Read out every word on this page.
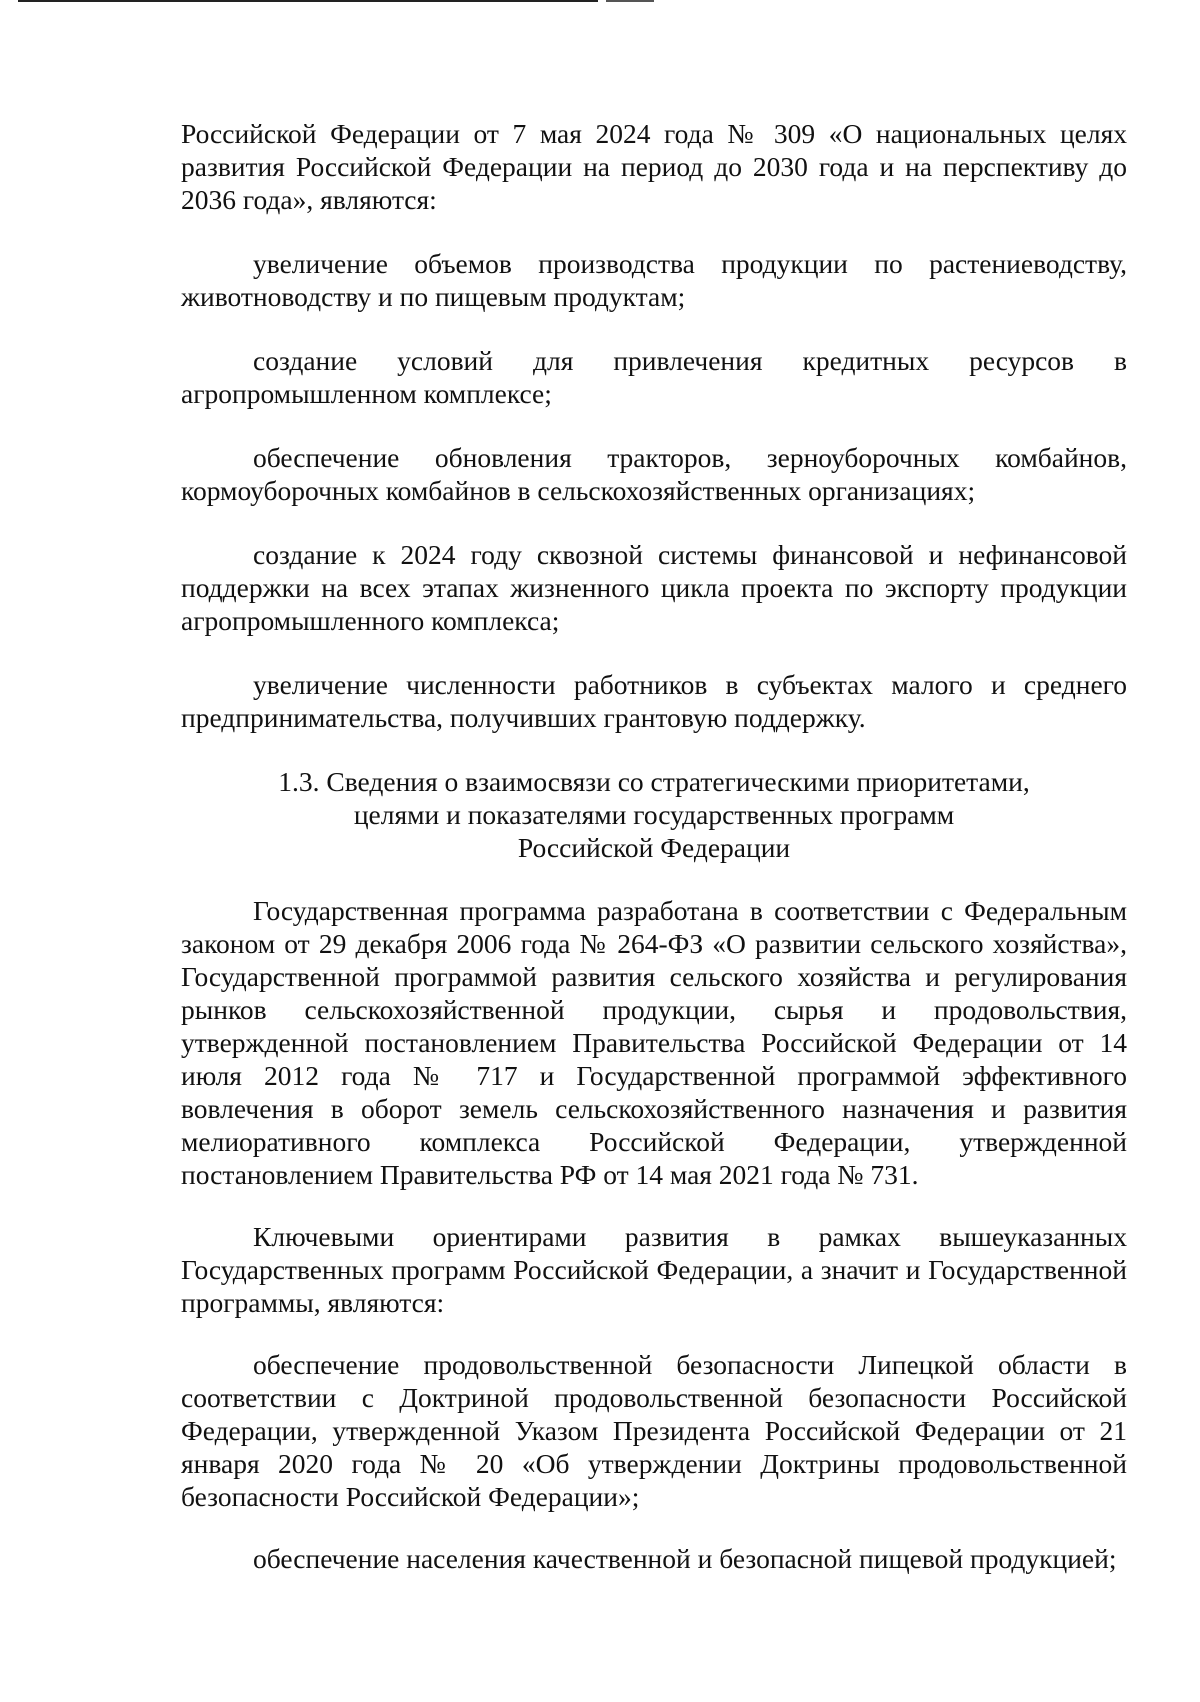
Российской Федерации от 7 мая 2024 года № 309 «О национальных целях
развития Российской Федерации на период до 2030 года и на перспективу до
2036 года», являются:

увеличение объемов производства продукции по растениеводству, животноводству и по пищевым продуктам;

создание условий для привлечения кредитных ресурсов в агропромышленном комплексе;

обеспечение обновления тракторов, зерноуборочных комбайнов, кормоуборочных комбайнов в сельскохозяйственных организациях;

создание к 2024 году сквозной системы финансовой и нефинансовой поддержки на всех этапах жизненного цикла проекта по экспорту продукции агропромышленного комплекса;

увеличение численности работников в субъектах малого и среднего предпринимательства, получивших грантовую поддержку.

1.3. Сведения о взаимосвязи со стратегическими приоритетами,
целями и показателями государственных программ
Российской Федерации

Государственная программа разработана в соответствии с Федеральным законом от 29 декабря 2006 года № 264-ФЗ «О развитии сельского хозяйства», Государственной программой развития сельского хозяйства и регулирования рынков сельскохозяйственной продукции, сырья и продовольствия, утвержденной постановлением Правительства Российской Федерации от 14 июля 2012 года № 717 и Государственной программой эффективного вовлечения в оборот земель сельскохозяйственного назначения и развития мелиоративного комплекса Российской Федерации, утвержденной постановлением Правительства РФ от 14 мая 2021 года № 731.

Ключевыми ориентирами развития в рамках вышеуказанных Государственных программ Российской Федерации, а значит и Государственной программы, являются:

обеспечение продовольственной безопасности Липецкой области в соответствии с Доктриной продовольственной безопасности Российской Федерации, утвержденной Указом Президента Российской Федерации от 21 января 2020 года № 20 «Об утверждении Доктрины продовольственной безопасности Российской Федерации»;

обеспечение населения качественной и безопасной пищевой продукцией;
